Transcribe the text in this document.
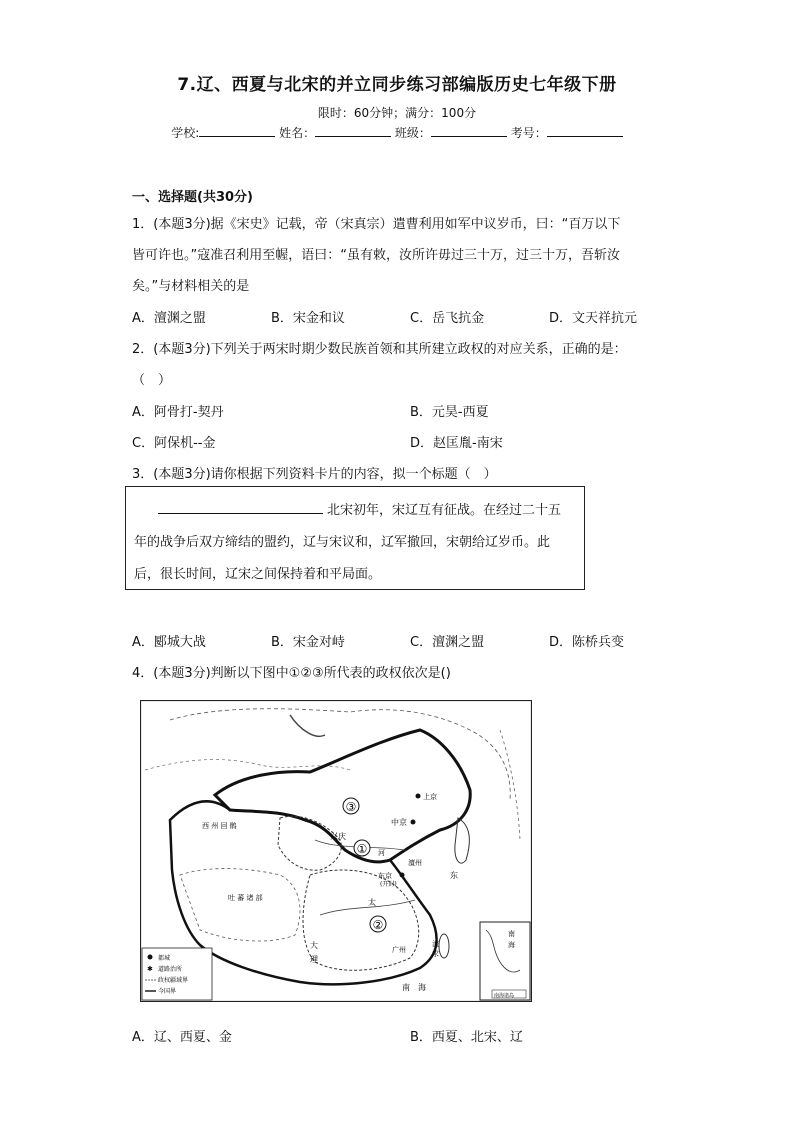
7.辽、西夏与北宋的并立同步练习部编版历史七年级下册
限时：60分钟；满分：100分
学校:	姓名：	班级：	考号：
一、选择题(共30分)
1．(本题3分)据《宋史》记载，帝（宋真宗）遣曹利用如军中议岁币，曰：“百万以下
皆可许也。”寇准召利用至幄，语曰：“虽有敕，汝所许毋过三十万，过三十万，吾斩汝
矣。”与材料相关的是
A．澶渊之盟	B．宋金和议	C．岳飞抗金	D．文天祥抗元
2．(本题3分)下列关于两宋时期少数民族首领和其所建立政权的对应关系，正确的是：
（　）
A．阿骨打-契丹	B．元昊-西夏
C．阿保机--金	D．赵匡胤-南宋
3．(本题3分)请你根据下列资料卡片的内容，拟一个标题（　）
北宋初年，宋辽互有征战。在经过二十五
年的战争后双方缔结的盟约，辽与宋议和，辽军撤回，宋朝给辽岁币。此
后，很长时间，辽宋之间保持着和平局面。
A．郾城大战	B．宋金对峙	C．澶渊之盟	D．陈桥兵变
4．(本题3分)判断以下图中①②③所代表的政权依次是()
③
①
②
上京
中京
兴庆
河
澶州
东京
(开封)
东
太
西 州 回 鹘
吐 蕃 诸 部
大
理
广州
流
求
南　海
南
海
南海诸岛
都城
✱ 道路治所
政权疆域界
今国界
A．辽、西夏、金	B．西夏、北宋、辽
